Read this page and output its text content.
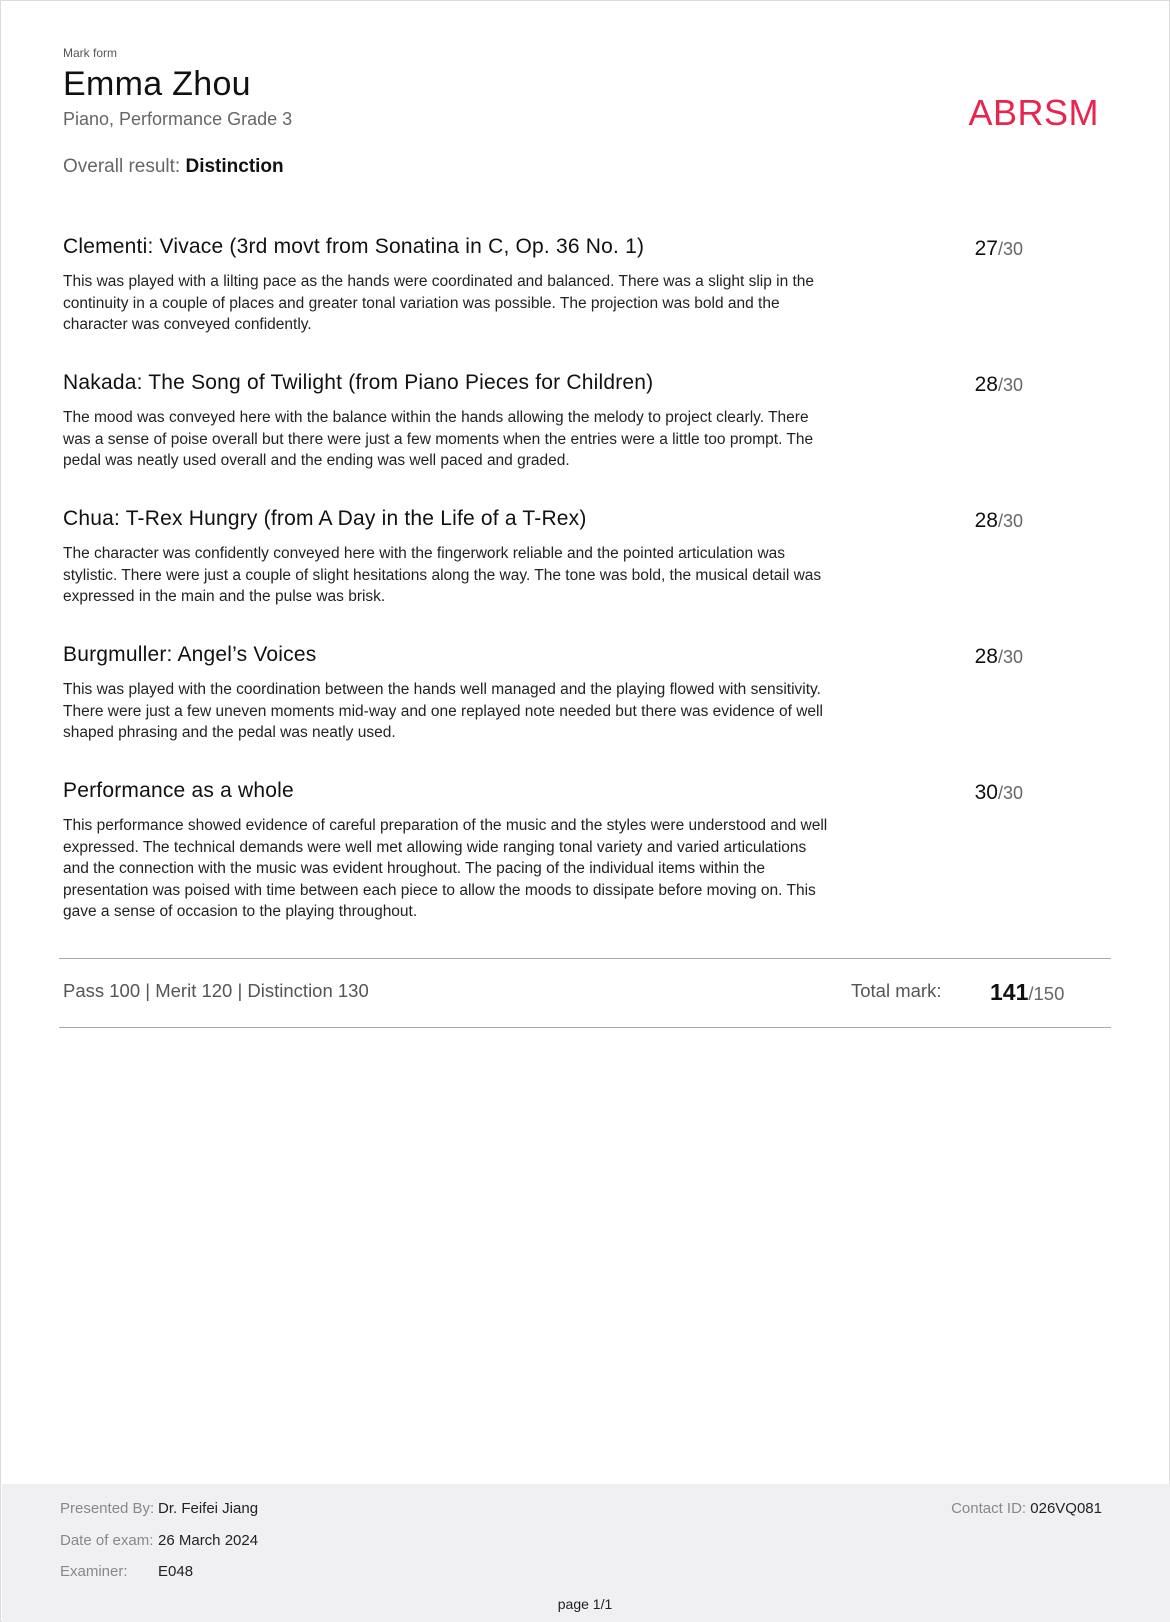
Mark form
Emma Zhou
Piano, Performance Grade 3
Overall result: Distinction
ABRSM
Clementi: Vivace (3rd movt from Sonatina in C, Op. 36 No. 1)	27/30
This was played with a lilting pace as the hands were coordinated and balanced. There was a slight slip in the continuity in a couple of places and greater tonal variation was possible. The projection was bold and the character was conveyed confidently.
Nakada: The Song of Twilight (from Piano Pieces for Children)	28/30
The mood was conveyed here with the balance within the hands allowing the melody to project clearly. There was a sense of poise overall but there were just a few moments when the entries were a little too prompt. The pedal was neatly used overall and the ending was well paced and graded.
Chua: T-Rex Hungry (from A Day in the Life of a T-Rex)	28/30
The character was confidently conveyed here with the fingerwork reliable and the pointed articulation was stylistic. There were just a couple of slight hesitations along the way. The tone was bold, the musical detail was expressed in the main and the pulse was brisk.
Burgmuller: Angel’s Voices	28/30
This was played with the coordination between the hands well managed and the playing flowed with sensitivity. There were just a few uneven moments mid-way and one replayed note needed but there was evidence of well shaped phrasing and the pedal was neatly used.
Performance as a whole	30/30
This performance showed evidence of careful preparation of the music and the styles were understood and well expressed. The technical demands were well met allowing wide ranging tonal variety and varied articulations and the connection with the music was evident hroughout. The pacing of the individual items within the presentation was poised with time between each piece to allow the moods to dissipate before moving on. This gave a sense of occasion to the playing throughout.
Pass 100 | Merit 120 | Distinction 130	Total mark: 141/150
Presented By: Dr. Feifei Jiang
Date of exam: 26 March 2024
Examiner: E048
Contact ID: 026VQ081
page 1/1
